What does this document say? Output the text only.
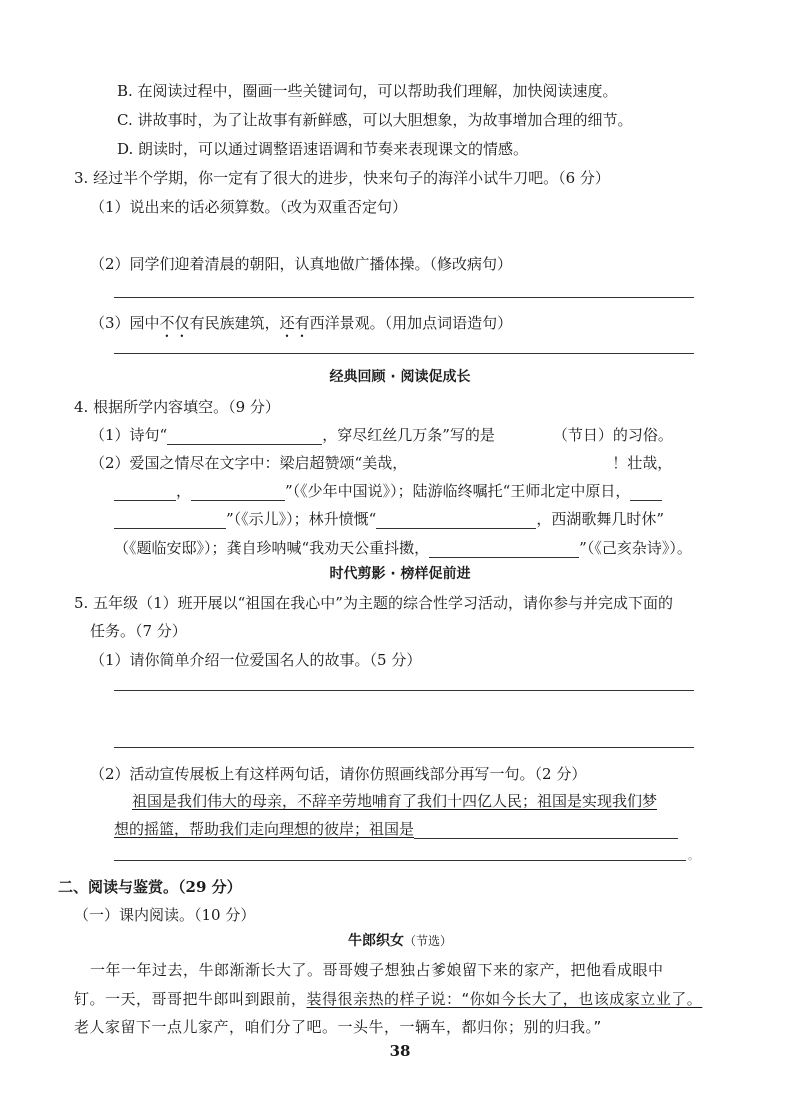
B. 在阅读过程中，圈画一些关键词句，可以帮助我们理解，加快阅读速度。
C. 讲故事时，为了让故事有新鲜感，可以大胆想象，为故事增加合理的细节。
D. 朗读时，可以通过调整语速语调和节奏来表现课文的情感。
3. 经过半个学期，你一定有了很大的进步，快来句子的海洋小试牛刀吧。（6 分）
（1）说出来的话必须算数。（改为双重否定句）
（2）同学们迎着清晨的朝阳，认真地做广播体操。（修改病句）
（3）园中不仅有民族建筑，还有西洋景观。（用加点词语造句）
经典回顾 · 阅读促成长
4. 根据所学内容填空。（9 分）
（1）诗句“	，穿尽红丝几万条”写的是	（节日）的习俗。
（2）爱国之情尽在文字中：梁启超赞颂“美哉，	！壮哉，
，	”（《少年中国说》）；陆游临终嘱托“王师北定中原日，
”（《示儿》）；林升愤慨“	，西湖歌舞几时休”
（《题临安邸》）；龚自珍呐喊“我劝天公重抖擞，	”（《己亥杂诗》）。
时代剪影 · 榜样促前进
5. 五年级（1）班开展以“祖国在我心中”为主题的综合性学习活动，请你参与并完成下面的
任务。（7 分）
（1）请你简单介绍一位爱国名人的故事。（5 分）
（2）活动宣传展板上有这样两句话，请你仿照画线部分再写一句。（2 分）
祖国是我们伟大的母亲，不辞辛劳地哺育了我们十四亿人民；祖国是实现我们梦
想的摇篮，帮助我们走向理想的彼岸；祖国是
。
二、阅读与鉴赏。（29 分）
（一）课内阅读。（10 分）
牛郎织女（节选）
一年一年过去，牛郎渐渐长大了。哥哥嫂子想独占爹娘留下来的家产，把他看成眼中
钉。一天，哥哥把牛郎叫到跟前，装得很亲热的样子说：“你如今长大了，也该成家立业了。
老人家留下一点儿家产，咱们分了吧。一头牛，一辆车，都归你；别的归我。”
38
